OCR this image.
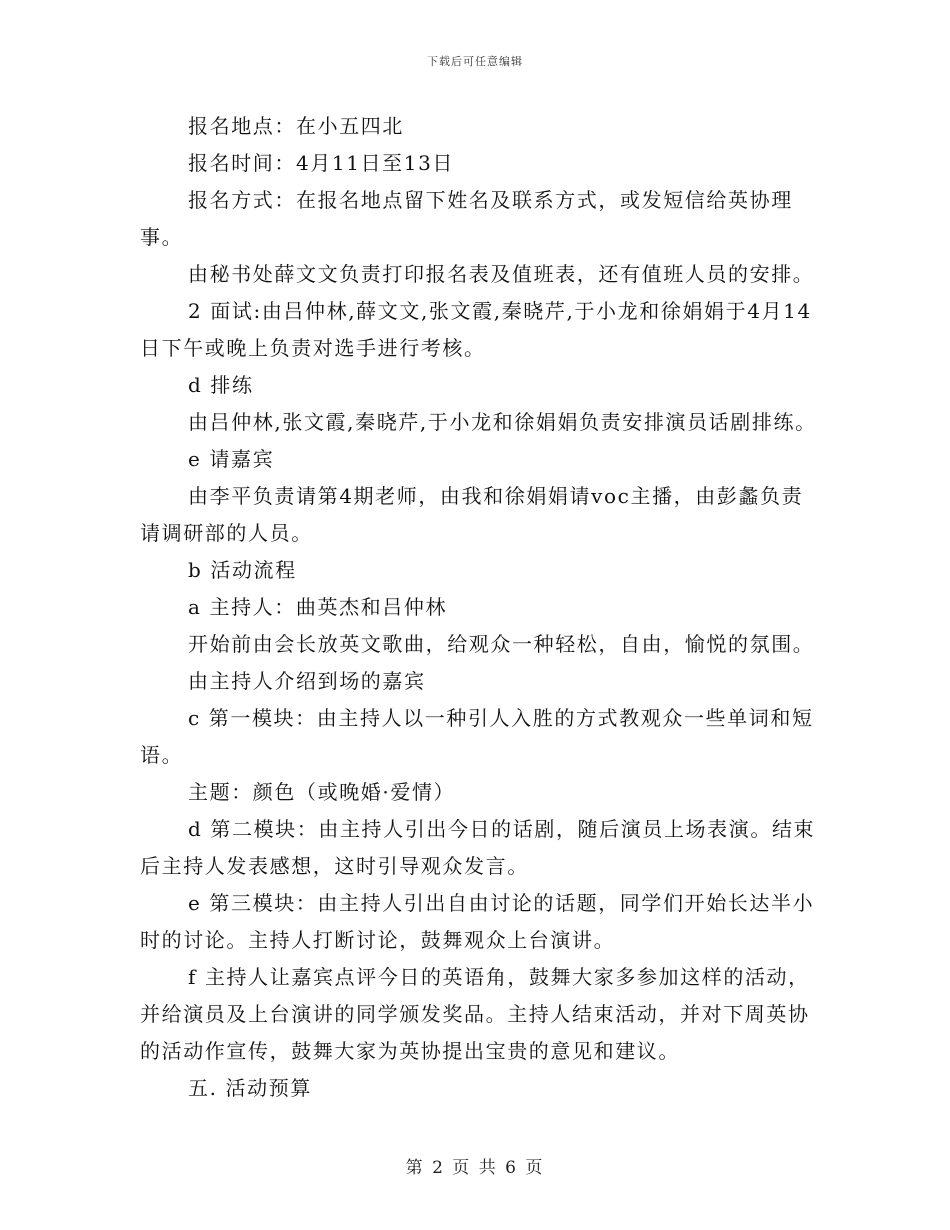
下载后可任意编辑

报名地点：在小五四北

报名时间：4月11日至13日

报名方式：在报名地点留下姓名及联系方式，或发短信给英协理事。

由秘书处薛文文负责打印报名表及值班表，还有值班人员的安排。

2 面试:由吕仲林,薛文文,张文霞,秦晓芹,于小龙和徐娟娟于4月14日下午或晚上负责对选手进行考核。

d 排练

由吕仲林,张文霞,秦晓芹,于小龙和徐娟娟负责安排演员话剧排练。

e 请嘉宾

由李平负责请第4期老师，由我和徐娟娟请voc主播，由彭蠡负责请调研部的人员。

b 活动流程

a 主持人：曲英杰和吕仲林

开始前由会长放英文歌曲，给观众一种轻松，自由，愉悦的氛围。

由主持人介绍到场的嘉宾

c 第一模块：由主持人以一种引人入胜的方式教观众一些单词和短语。

主题：颜色（或晚婚·爱情）

d 第二模块：由主持人引出今日的话剧，随后演员上场表演。结束后主持人发表感想，这时引导观众发言。

e 第三模块：由主持人引出自由讨论的话题，同学们开始长达半小时的讨论。主持人打断讨论，鼓舞观众上台演讲。

f 主持人让嘉宾点评今日的英语角，鼓舞大家多参加这样的活动，并给演员及上台演讲的同学颁发奖品。主持人结束活动，并对下周英协的活动作宣传，鼓舞大家为英协提出宝贵的意见和建议。

五. 活动预算

第 2 页 共 6 页
